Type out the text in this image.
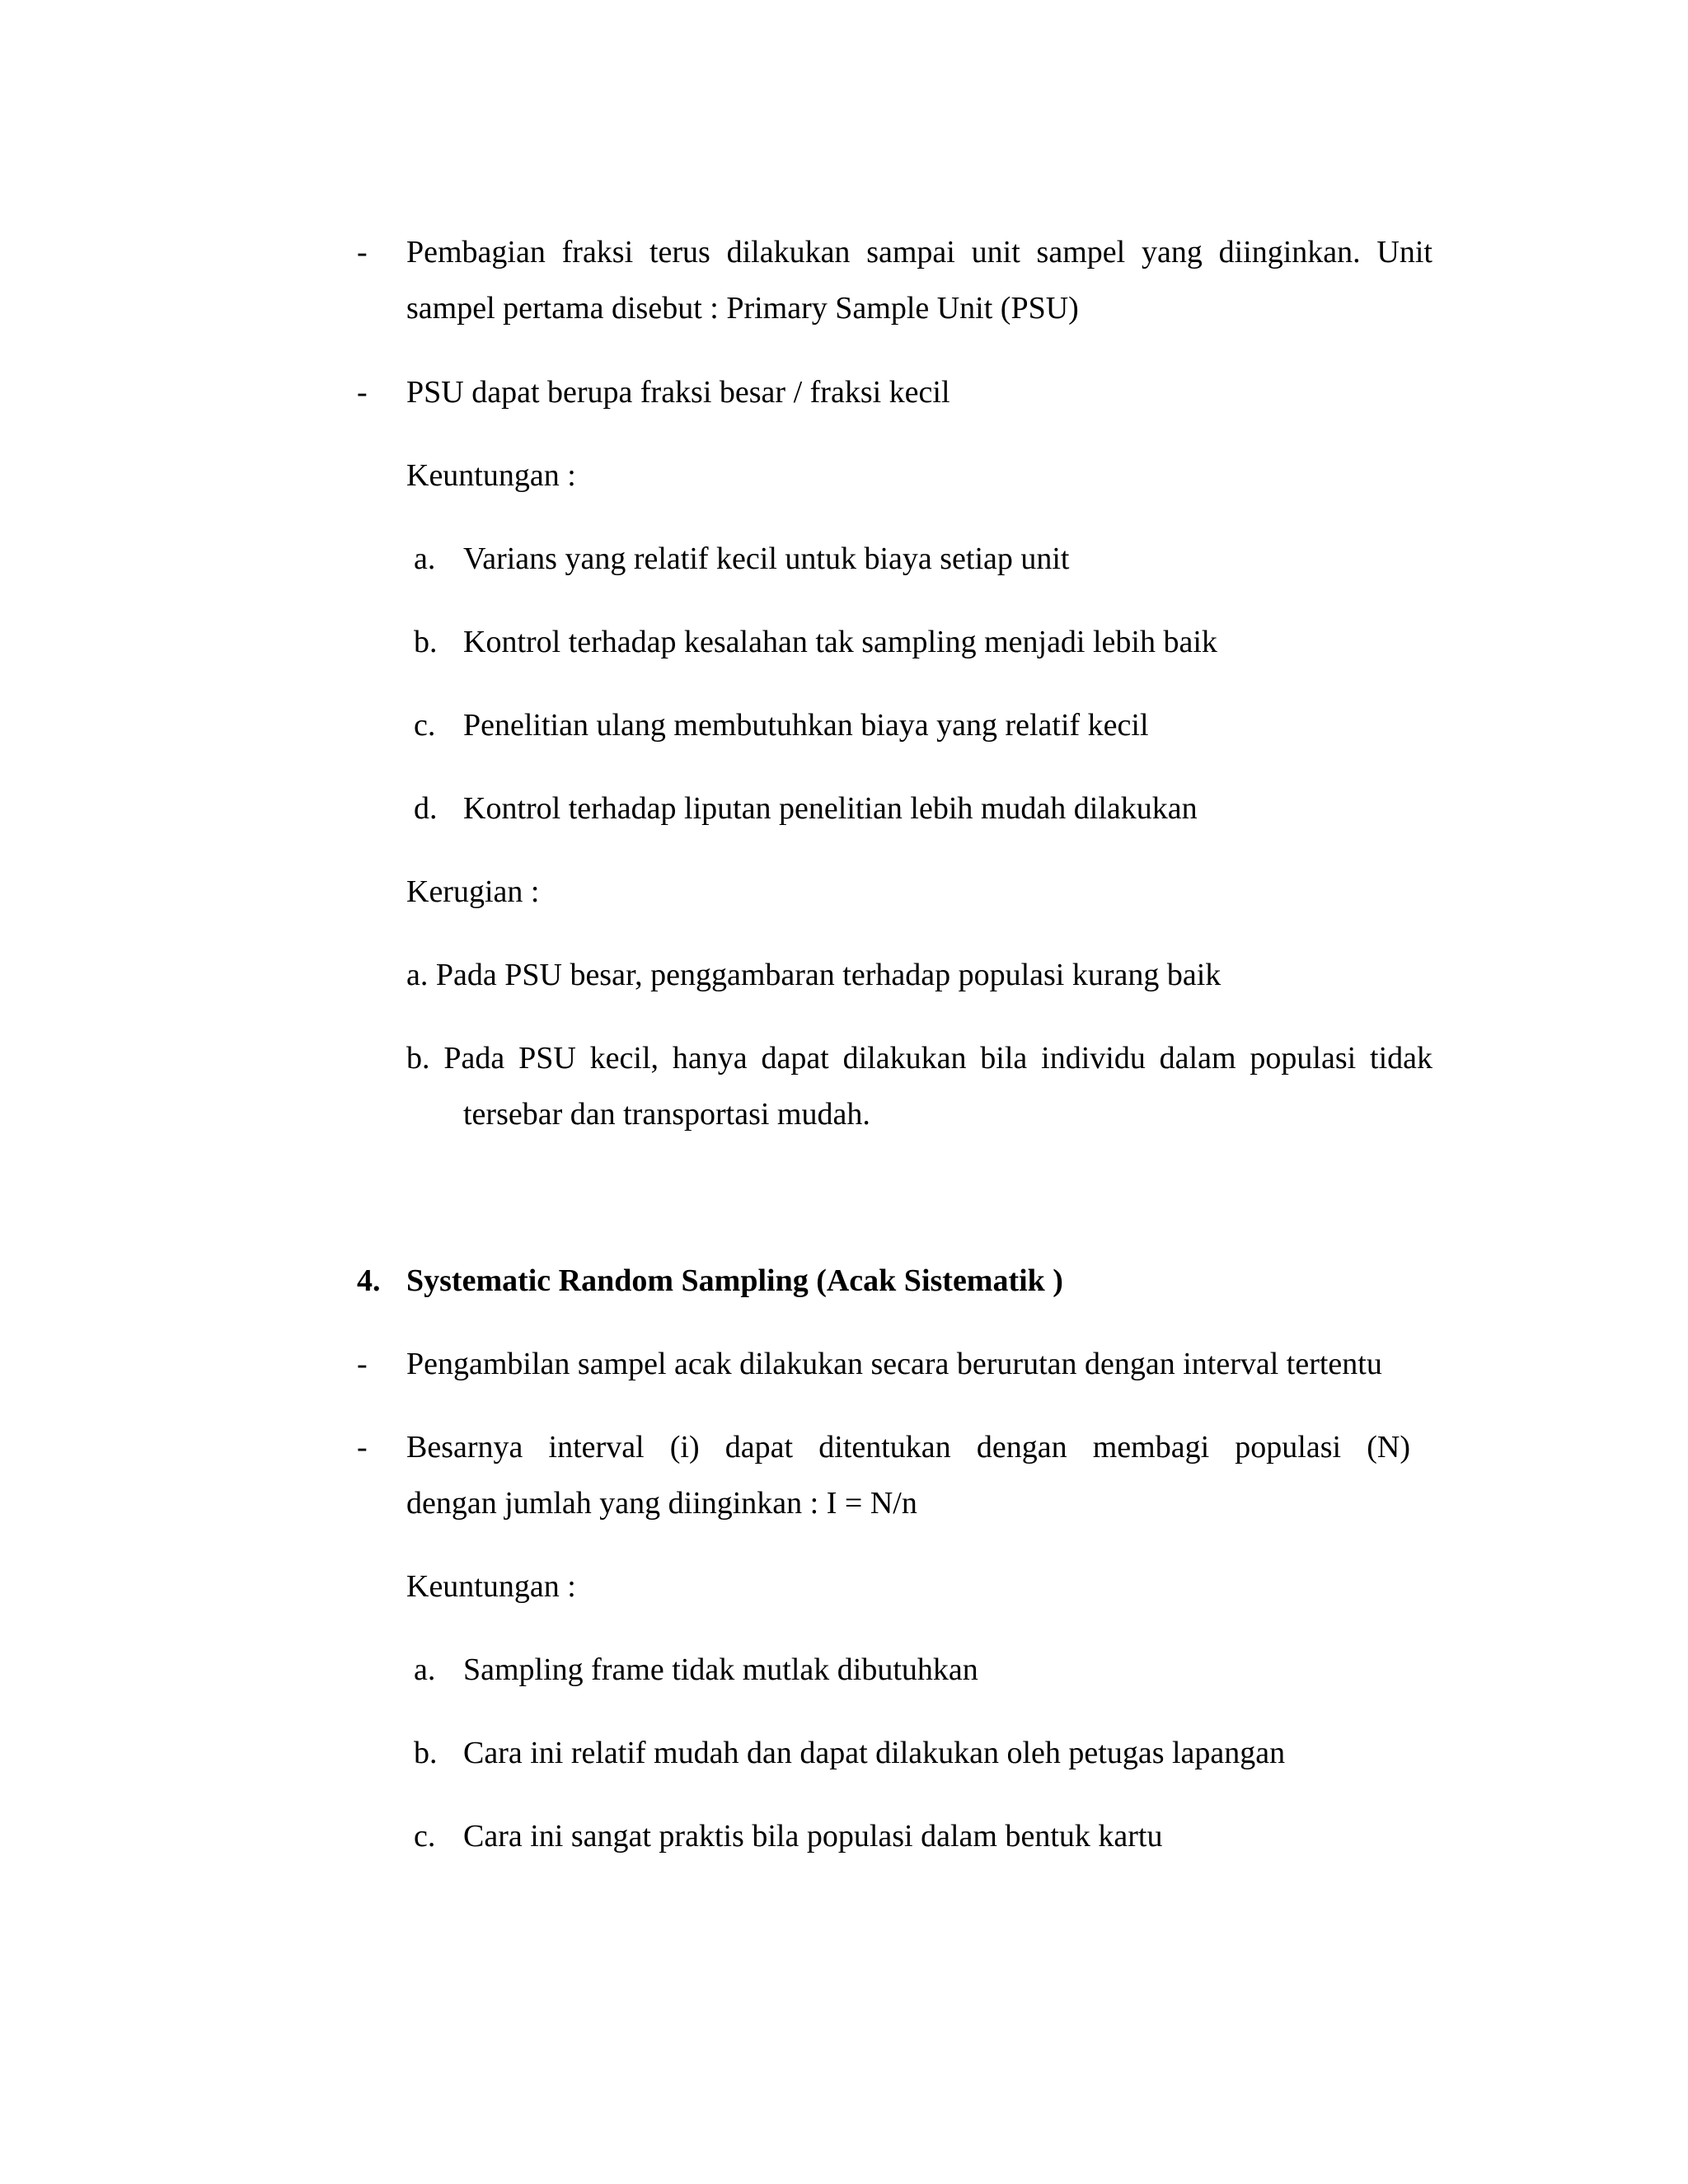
- Pembagian fraksi terus dilakukan sampai unit sampel yang diinginkan. Unit
sampel pertama disebut : Primary Sample Unit (PSU)
- PSU dapat berupa fraksi besar / fraksi kecil
Keuntungan :
a. Varians yang relatif kecil untuk biaya setiap unit
b. Kontrol terhadap kesalahan tak sampling menjadi lebih baik
c. Penelitian ulang membutuhkan biaya yang relatif kecil
d. Kontrol terhadap liputan penelitian lebih mudah dilakukan
Kerugian :
a. Pada PSU besar, penggambaran terhadap populasi kurang baik
b. Pada PSU kecil, hanya dapat dilakukan bila individu dalam populasi tidak
tersebar dan transportasi mudah.
4. Systematic Random Sampling (Acak Sistematik )
- Pengambilan sampel acak dilakukan secara berurutan dengan interval tertentu
- Besarnya interval (i) dapat ditentukan dengan membagi populasi (N)
dengan jumlah yang diinginkan : I = N/n
Keuntungan :
a. Sampling frame tidak mutlak dibutuhkan
b. Cara ini relatif mudah dan dapat dilakukan oleh petugas lapangan
c. Cara ini sangat praktis bila populasi dalam bentuk kartu
